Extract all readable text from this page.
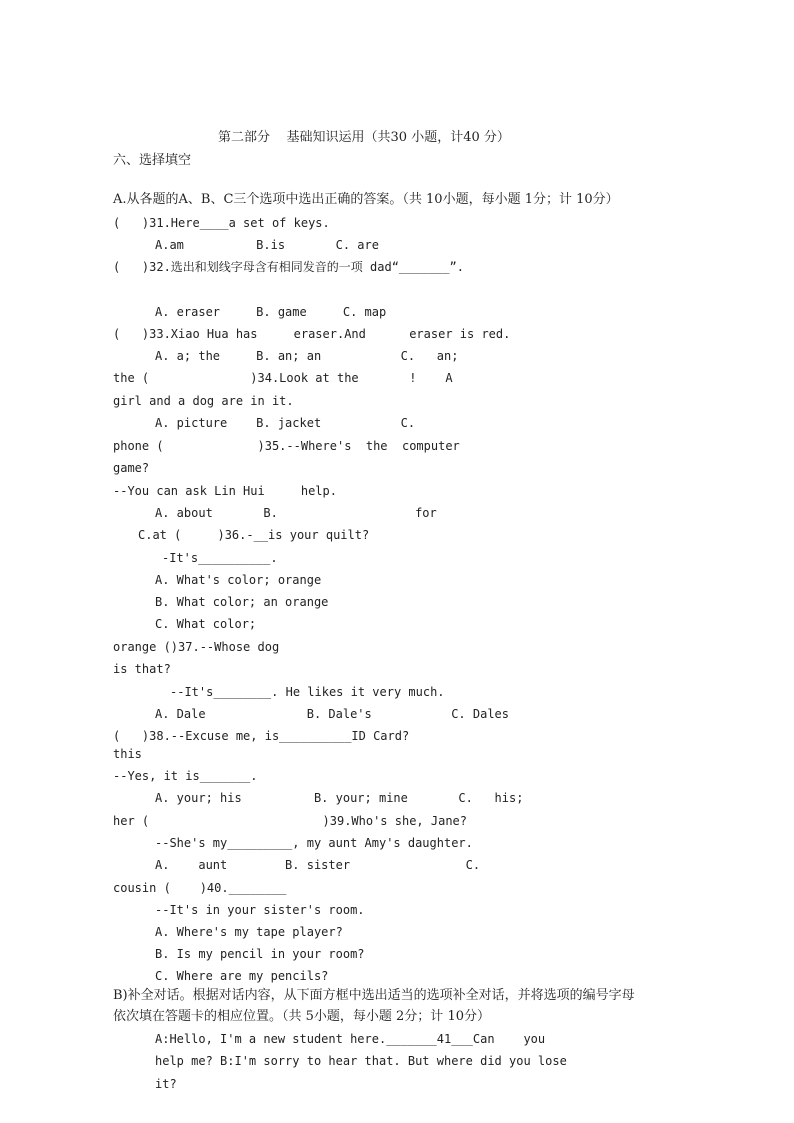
第二部分    基础知识运用（共30 小题，计40 分）
六、选择填空
A.从各题的A、B、C三个选项中选出正确的答案。（共 10小题，每小题 1分；计 10分）
(   )31.Here____a set of keys.
A.am          B.is       C. are
(   )32.选出和划线字母含有相同发音的一项 dad“_______”.
A. eraser     B. game     C. map
(   )33.Xiao Hua has     eraser.And      eraser is red.
A. a; the     B. an; an           C.   an;
the (              )34.Look at the       !    A
girl and a dog are in it.
A. picture    B. jacket           C.
phone (             )35.--Where's  the  computer
game?
--You can ask Lin Hui     help.
A. about       B.                   for
C.at (     )36.-__is your quilt?
-It's__________.
A. What's color; orange
B. What color; an orange
C. What color;
orange ()37.--Whose dog
is that?
--It's________. He likes it very much.
A. Dale              B. Dale's           C. Dales
(   )38.--Excuse me, is__________ID Card?
this
--Yes, it is_______.
A. your; his          B. your; mine       C.   his;
her (                        )39.Who's she, Jane?
--She's my_________, my aunt Amy's daughter.
A.    aunt        B. sister                C.
cousin (    )40.________
--It's in your sister's room.
A. Where's my tape player?
B. Is my pencil in your room?
C. Where are my pencils?
B)补全对话。根据对话内容，从下面方框中选出适当的选项补全对话，并将选项的编号字母
依次填在答题卡的相应位置。（共 5小题，每小题 2分；计 10分）
A:Hello, I'm a new student here._______41___Can    you
help me? B:I'm sorry to hear that. But where did you lose
it?
